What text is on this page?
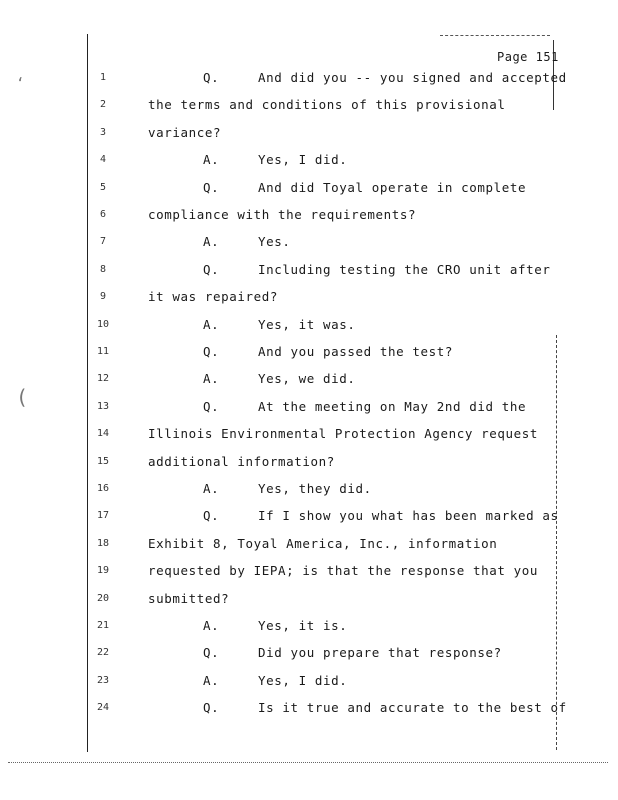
‘
(
Page 151
1	Q.	And did you -- you signed and accepted
2	the terms and conditions of this provisional
3	variance?
4	A.	Yes, I did.
5	Q.	And did Toyal operate in complete
6	compliance with the requirements?
7	A.	Yes.
8	Q.	Including testing the CRO unit after
9	it was repaired?
10	A.	Yes, it was.
11	Q.	And you passed the test?
12	A.	Yes, we did.
13	Q.	At the meeting on May 2nd did the
14	Illinois Environmental Protection Agency request
15	additional information?
16	A.	Yes, they did.
17	Q.	If I show you what has been marked as
18	Exhibit 8, Toyal America, Inc., information
19	requested by IEPA; is that the response that you
20	submitted?
21	A.	Yes, it is.
22	Q.	Did you prepare that response?
23	A.	Yes, I did.
24	Q.	Is it true and accurate to the best of
